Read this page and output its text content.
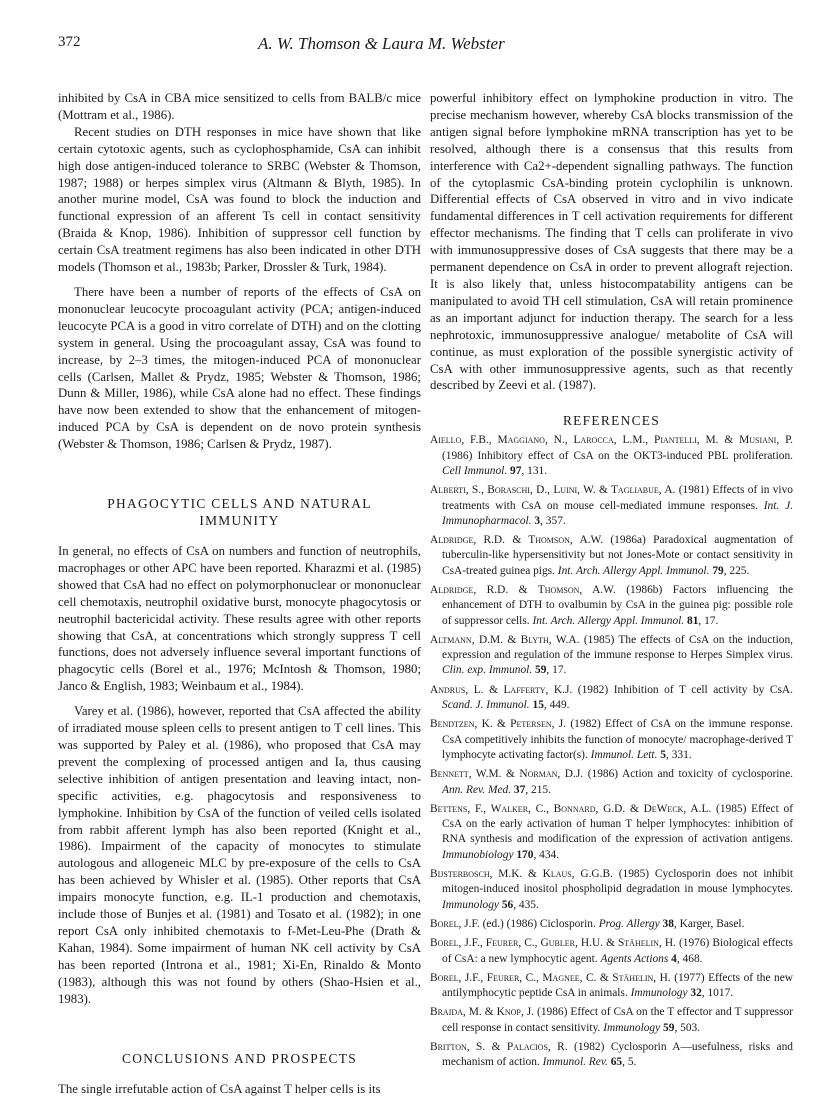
372	A. W. Thomson & Laura M. Webster

inhibited by CsA in CBA mice sensitized to cells from BALB/c mice (Mottram et al., 1986).

Recent studies on DTH responses in mice have shown that like certain cytotoxic agents, such as cyclophosphamide, CsA can inhibit high dose antigen-induced tolerance to SRBC (Webster & Thomson, 1987; 1988) or herpes simplex virus (Altmann & Blyth, 1985). In another murine model, CsA was found to block the induction and functional expression of an afferent Ts cell in contact sensitivity (Braida & Knop, 1986). Inhibition of suppressor cell function by certain CsA treatment regimens has also been indicated in other DTH models (Thomson et al., 1983b; Parker, Drossler & Turk, 1984).

There have been a number of reports of the effects of CsA on mononuclear leucocyte procoagulant activity (PCA; antigen-induced leucocyte PCA is a good in vitro correlate of DTH) and on the clotting system in general. Using the procoagulant assay, CsA was found to increase, by 2–3 times, the mitogen-induced PCA of mononuclear cells (Carlsen, Mallet & Prydz, 1985; Webster & Thomson, 1986; Dunn & Miller, 1986), while CsA alone had no effect. These findings have now been extended to show that the enhancement of mitogen-induced PCA by CsA is dependent on de novo protein synthesis (Webster & Thomson, 1986; Carlsen & Prydz, 1987).

PHAGOCYTIC CELLS AND NATURAL
IMMUNITY

In general, no effects of CsA on numbers and function of neutrophils, macrophages or other APC have been reported. Kharazmi et al. (1985) showed that CsA had no effect on polymorphonuclear or mononuclear cell chemotaxis, neutrophil oxidative burst, monocyte phagocytosis or neutrophil bactericidal activity. These results agree with other reports showing that CsA, at concentrations which strongly suppress T cell functions, does not adversely influence several important functions of phagocytic cells (Borel et al., 1976; McIntosh & Thomson, 1980; Janco & English, 1983; Weinbaum et al., 1984).

Varey et al. (1986), however, reported that CsA affected the ability of irradiated mouse spleen cells to present antigen to T cell lines. This was supported by Paley et al. (1986), who proposed that CsA may prevent the complexing of processed antigen and Ia, thus causing selective inhibition of antigen presentation and leaving intact, non-specific activities, e.g. phagocytosis and responsiveness to lymphokine. Inhibition by CsA of the function of veiled cells isolated from rabbit afferent lymph has also been reported (Knight et al., 1986). Impairment of the capacity of monocytes to stimulate autologous and allogeneic MLC by pre-exposure of the cells to CsA has been achieved by Whisler et al. (1985). Other reports that CsA impairs monocyte function, e.g. IL-1 production and chemotaxis, include those of Bunjes et al. (1981) and Tosato et al. (1982); in one report CsA only inhibited chemotaxis to f-Met-Leu-Phe (Drath & Kahan, 1984). Some impairment of human NK cell activity by CsA has been reported (Introna et al., 1981; Xi-En, Rinaldo & Monto (1983), although this was not found by others (Shao-Hsien et al., 1983).

CONCLUSIONS AND PROSPECTS

The single irrefutable action of CsA against T helper cells is its

powerful inhibitory effect on lymphokine production in vitro. The precise mechanism however, whereby CsA blocks transmission of the antigen signal before lymphokine mRNA transcription has yet to be resolved, although there is a consensus that this results from interference with Ca2+-dependent signalling pathways. The function of the cytoplasmic CsA-binding protein cyclophilin is unknown. Differential effects of CsA observed in vitro and in vivo indicate fundamental differences in T cell activation requirements for different effector mechanisms. The finding that T cells can proliferate in vivo with immunosuppressive doses of CsA suggests that there may be a permanent dependence on CsA in order to prevent allograft rejection. It is also likely that, unless histocompatability antigens can be manipulated to avoid TH cell stimulation, CsA will retain prominence as an important adjunct for induction therapy. The search for a less nephrotoxic, immunosuppressive analogue/ metabolite of CsA will continue, as must exploration of the possible synergistic activity of CsA with other immunosuppressive agents, such as that recently described by Zeevi et al. (1987).

REFERENCES
Aiello, F.B., Maggiano, N., Larocca, L.M., Piantelli, M. & Musiani, P. (1986) Inhibitory effect of CsA on the OKT3-induced PBL proliferation. Cell Immunol. 97, 131.
Alberti, S., Boraschi, D., Luini, W. & Tagliabue, A. (1981) Effects of in vivo treatments with CsA on mouse cell-mediated immune responses. Int. J. Immunopharmacol. 3, 357.
Aldridge, R.D. & Thomson, A.W. (1986a) Paradoxical augmentation of tuberculin-like hypersensitivity but not Jones-Mote or contact sensitivity in CsA-treated guinea pigs. Int. Arch. Allergy Appl. Immunol. 79, 225.
Aldridge, R.D. & Thomson, A.W. (1986b) Factors influencing the enhancement of DTH to ovalbumin by CsA in the guinea pig: possible role of suppressor cells. Int. Arch. Allergy Appl. Immunol. 81, 17.
Altmann, D.M. & Blyth, W.A. (1985) The effects of CsA on the induction, expression and regulation of the immune response to Herpes Simplex virus. Clin. exp. Immunol. 59, 17.
Andrus, L. & Lafferty, K.J. (1982) Inhibition of T cell activity by CsA. Scand. J. Immunol. 15, 449.
Bendtzen, K. & Petersen, J. (1982) Effect of CsA on the immune response. CsA competitively inhibits the function of monocyte/ macrophage-derived T lymphocyte activating factor(s). Immunol. Lett. 5, 331.
Bennett, W.M. & Norman, D.J. (1986) Action and toxicity of cyclosporine. Ann. Rev. Med. 37, 215.
Bettens, F., Walker, C., Bonnard, G.D. & DeWeck, A.L. (1985) Effect of CsA on the early activation of human T helper lymphocytes: inhibition of RNA synthesis and modification of the expression of activation antigens. Immunobiology 170, 434.
Bijsterbosch, M.K. & Klaus, G.G.B. (1985) Cyclosporin does not inhibit mitogen-induced inositol phospholipid degradation in mouse lymphocytes. Immunology 56, 435.
Borel, J.F. (ed.) (1986) Ciclosporin. Prog. Allergy 38, Karger, Basel.
Borel, J.F., Feurer, C., Gubler, H.U. & Stähelin, H. (1976) Biological effects of CsA: a new lymphocytic agent. Agents Actions 4, 468.
Borel, J.F., Feurer, C., Magnee, C. & Stähelin, H. (1977) Effects of the new antilymphocytic peptide CsA in animals. Immunology 32, 1017.
Braida, M. & Knop, J. (1986) Effect of CsA on the T effector and T suppressor cell response in contact sensitivity. Immunology 59, 503.
Britton, S. & Palacios, R. (1982) Cyclosporin A—usefulness, risks and mechanism of action. Immunol. Rev. 65, 5.
